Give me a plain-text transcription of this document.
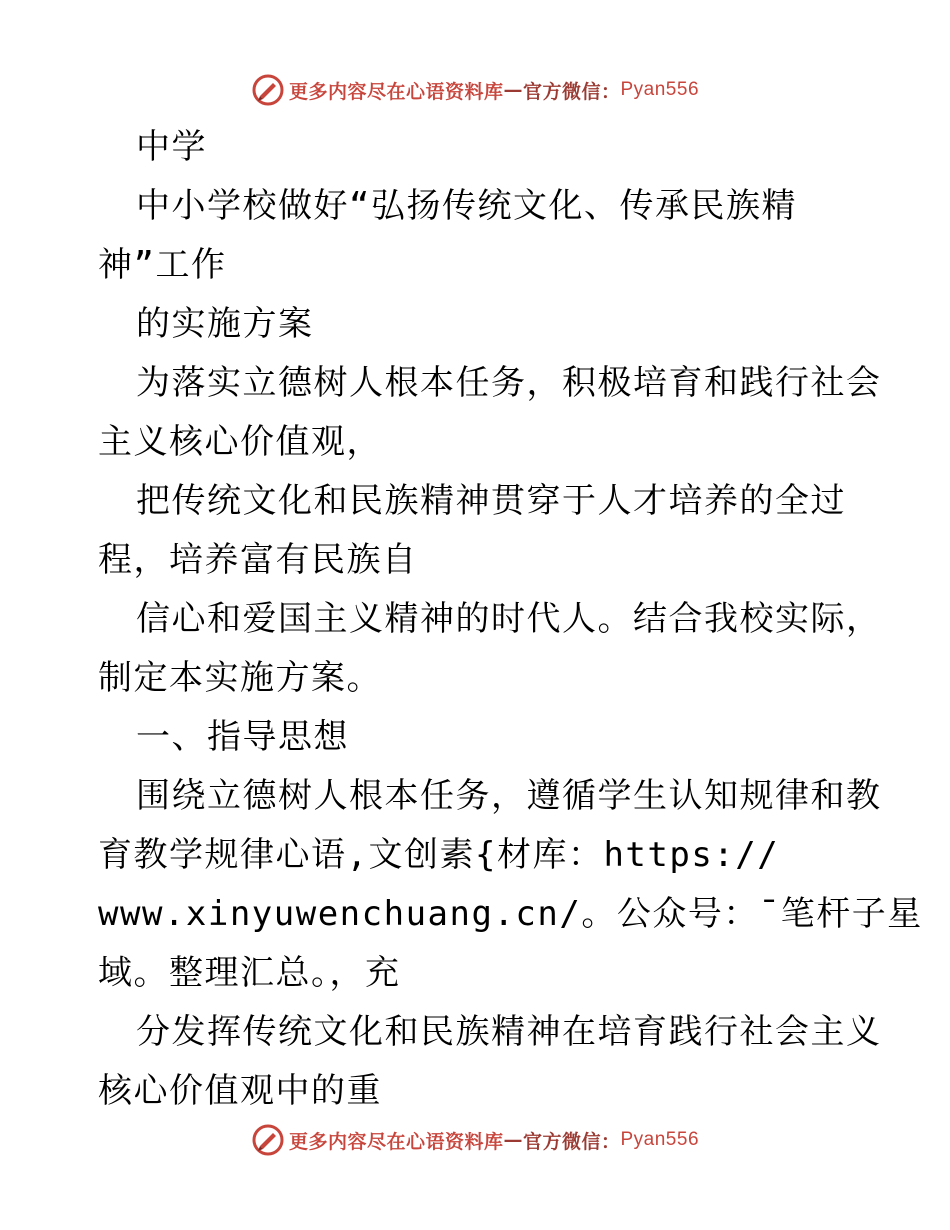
更多内容尽在心语资料库 — 官方微信： Pyan556
中学
中小学校做好“弘扬传统文化、传承民族精
神”工作
的实施方案
为落实立德树人根本任务，积极培育和践行社会
主义核心价值观，
把传统文化和民族精神贯穿于人才培养的全过
程，培养富有民族自
信心和爱国主义精神的时代人。结合我校实际，
制定本实施方案。
一、指导思想
围绕立德树人根本任务，遵循学生认知规律和教
育教学规律心语,文创素{材库：https://
www.xinyuwenchuang.cn/。公众号：¯笔杆子星
域。整理汇总。，充
分发挥传统文化和民族精神在培育践行社会主义
核心价值观中的重
更多内容尽在心语资料库 — 官方微信： Pyan556
